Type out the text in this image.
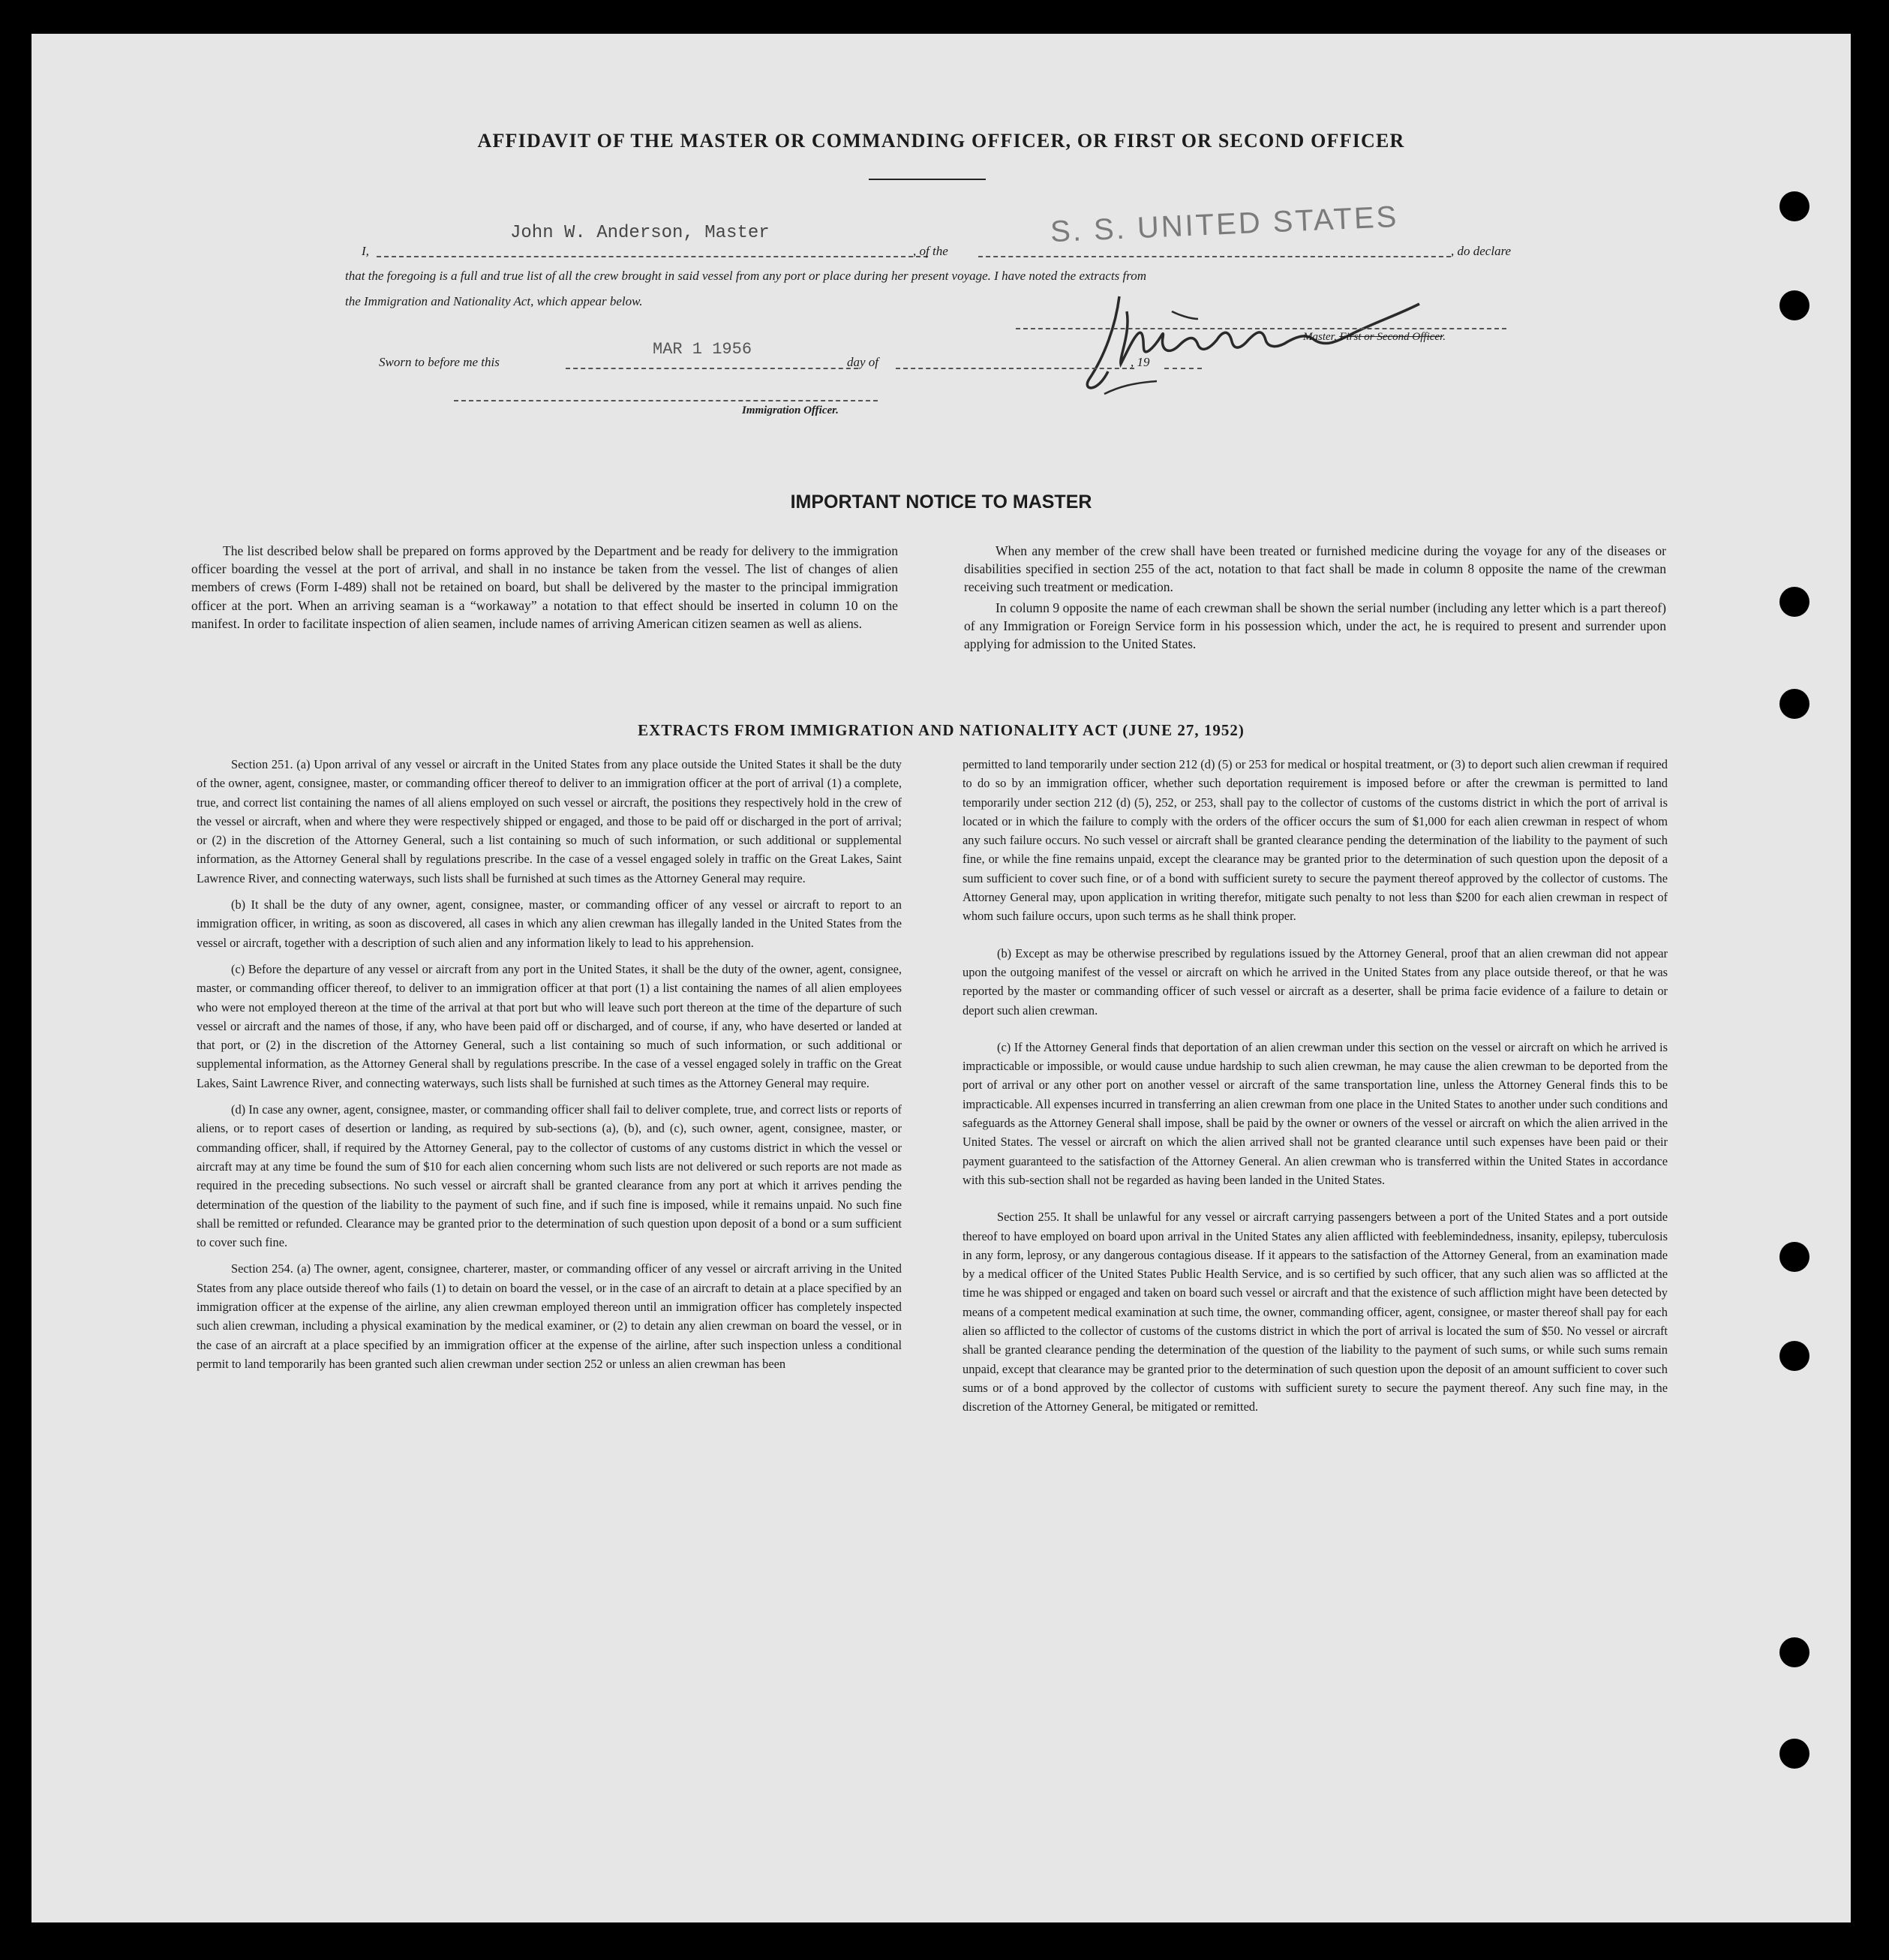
AFFIDAVIT OF THE MASTER OR COMMANDING OFFICER, OR FIRST OR SECOND OFFICER
I,
John W. Anderson, Master
, of the
S. S. UNITED STATES
, do declare
that the foregoing is a full and true list of all the crew brought in said vessel from any port or place during her present voyage. I have noted the extracts from
the Immigration and Nationality Act, which appear below.
Master, First or Second Officer.
Sworn to before me this
MAR 1 1956
day of	, 19
Immigration Officer.
IMPORTANT NOTICE TO MASTER

The list described below shall be prepared on forms approved by the Department and be ready for delivery to the immigration officer boarding the vessel at the port of arrival, and shall in no instance be taken from the vessel. The list of changes of alien members of crews (Form I-489) shall not be retained on board, but shall be delivered by the master to the principal immigration officer at the port. When an arriving seaman is a “workaway” a notation to that effect should be inserted in column 10 on the manifest. In order to facilitate inspection of alien seamen, include names of arriving American citizen seamen as well as aliens.

When any member of the crew shall have been treated or furnished medicine during the voyage for any of the diseases or disabilities specified in section 255 of the act, notation to that fact shall be made in column 8 opposite the name of the crewman receiving such treatment or medication.

In column 9 opposite the name of each crewman shall be shown the serial number (including any letter which is a part thereof) of any Immigration or Foreign Service form in his possession which, under the act, he is required to present and surrender upon applying for admission to the United States.

EXTRACTS FROM IMMIGRATION AND NATIONALITY ACT (JUNE 27, 1952)

Section 251. (a) Upon arrival of any vessel or aircraft in the United States from any place outside the United States it shall be the duty of the owner, agent, consignee, master, or commanding officer thereof to deliver to an immigration officer at the port of arrival (1) a complete, true, and correct list containing the names of all aliens employed on such vessel or aircraft, the positions they respectively hold in the crew of the vessel or aircraft, when and where they were respectively shipped or engaged, and those to be paid off or discharged in the port of arrival; or (2) in the discretion of the Attorney General, such a list containing so much of such information, or such additional or supplemental information, as the Attorney General shall by regulations prescribe. In the case of a vessel engaged solely in traffic on the Great Lakes, Saint Lawrence River, and connecting waterways, such lists shall be furnished at such times as the Attorney General may require.

(b) It shall be the duty of any owner, agent, consignee, master, or commanding officer of any vessel or aircraft to report to an immigration officer, in writing, as soon as discovered, all cases in which any alien crewman has illegally landed in the United States from the vessel or aircraft, together with a description of such alien and any information likely to lead to his apprehension.

(c) Before the departure of any vessel or aircraft from any port in the United States, it shall be the duty of the owner, agent, consignee, master, or commanding officer thereof, to deliver to an immigration officer at that port (1) a list containing the names of all alien employees who were not employed thereon at the time of the arrival at that port but who will leave such port thereon at the time of the departure of such vessel or aircraft and the names of those, if any, who have been paid off or discharged, and of course, if any, who have deserted or landed at that port, or (2) in the discretion of the Attorney General, such a list containing so much of such information, or such additional or supplemental information, as the Attorney General shall by regulations prescribe. In the case of a vessel engaged solely in traffic on the Great Lakes, Saint Lawrence River, and connecting waterways, such lists shall be furnished at such times as the Attorney General may require.

(d) In case any owner, agent, consignee, master, or commanding officer shall fail to deliver complete, true, and correct lists or reports of aliens, or to report cases of desertion or landing, as required by sub-sections (a), (b), and (c), such owner, agent, consignee, master, or commanding officer, shall, if required by the Attorney General, pay to the collector of customs of any customs district in which the vessel or aircraft may at any time be found the sum of $10 for each alien concerning whom such lists are not delivered or such reports are not made as required in the preceding subsections. No such vessel or aircraft shall be granted clearance from any port at which it arrives pending the determination of the question of the liability to the payment of such fine, and if such fine is imposed, while it remains unpaid. No such fine shall be remitted or refunded. Clearance may be granted prior to the determination of such question upon deposit of a bond or a sum sufficient to cover such fine.

Section 254. (a) The owner, agent, consignee, charterer, master, or commanding officer of any vessel or aircraft arriving in the United States from any place outside thereof who fails (1) to detain on board the vessel, or in the case of an aircraft to detain at a place specified by an immigration officer at the expense of the airline, any alien crewman employed thereon until an immigration officer has completely inspected such alien crewman, including a physical examination by the medical examiner, or (2) to detain any alien crewman on board the vessel, or in the case of an aircraft at a place specified by an immigration officer at the expense of the airline, after such inspection unless a conditional permit to land temporarily has been granted such alien crewman under section 252 or unless an alien crewman has been

permitted to land temporarily under section 212 (d) (5) or 253 for medical or hospital treatment, or (3) to deport such alien crewman if required to do so by an immigration officer, whether such deportation requirement is imposed before or after the crewman is permitted to land temporarily under section 212 (d) (5), 252, or 253, shall pay to the collector of customs of the customs district in which the port of arrival is located or in which the failure to comply with the orders of the officer occurs the sum of $1,000 for each alien crewman in respect of whom any such failure occurs. No such vessel or aircraft shall be granted clearance pending the determination of the liability to the payment of such fine, or while the fine remains unpaid, except the clearance may be granted prior to the determination of such question upon the deposit of a sum sufficient to cover such fine, or of a bond with sufficient surety to secure the payment thereof approved by the collector of customs. The Attorney General may, upon application in writing therefor, mitigate such penalty to not less than $200 for each alien crewman in respect of whom such failure occurs, upon such terms as he shall think proper.

(b) Except as may be otherwise prescribed by regulations issued by the Attorney General, proof that an alien crewman did not appear upon the outgoing manifest of the vessel or aircraft on which he arrived in the United States from any place outside thereof, or that he was reported by the master or commanding officer of such vessel or aircraft as a deserter, shall be prima facie evidence of a failure to detain or deport such alien crewman.

(c) If the Attorney General finds that deportation of an alien crewman under this section on the vessel or aircraft on which he arrived is impracticable or impossible, or would cause undue hardship to such alien crewman, he may cause the alien crewman to be deported from the port of arrival or any other port on another vessel or aircraft of the same transportation line, unless the Attorney General finds this to be impracticable. All expenses incurred in transferring an alien crewman from one place in the United States to another under such conditions and safeguards as the Attorney General shall impose, shall be paid by the owner or owners of the vessel or aircraft on which the alien arrived in the United States. The vessel or aircraft on which the alien arrived shall not be granted clearance until such expenses have been paid or their payment guaranteed to the satisfaction of the Attorney General. An alien crewman who is transferred within the United States in accordance with this sub-section shall not be regarded as having been landed in the United States.

Section 255. It shall be unlawful for any vessel or aircraft carrying passengers between a port of the United States and a port outside thereof to have employed on board upon arrival in the United States any alien afflicted with feeblemindedness, insanity, epilepsy, tuberculosis in any form, leprosy, or any dangerous contagious disease. If it appears to the satisfaction of the Attorney General, from an examination made by a medical officer of the United States Public Health Service, and is so certified by such officer, that any such alien was so afflicted at the time he was shipped or engaged and taken on board such vessel or aircraft and that the existence of such affliction might have been detected by means of a competent medical examination at such time, the owner, commanding officer, agent, consignee, or master thereof shall pay for each alien so afflicted to the collector of customs of the customs district in which the port of arrival is located the sum of $50. No vessel or aircraft shall be granted clearance pending the determination of the question of the liability to the payment of such sums, or while such sums remain unpaid, except that clearance may be granted prior to the determination of such question upon the deposit of an amount sufficient to cover such sums or of a bond approved by the collector of customs with sufficient surety to secure the payment thereof. Any such fine may, in the discretion of the Attorney General, be mitigated or remitted.
